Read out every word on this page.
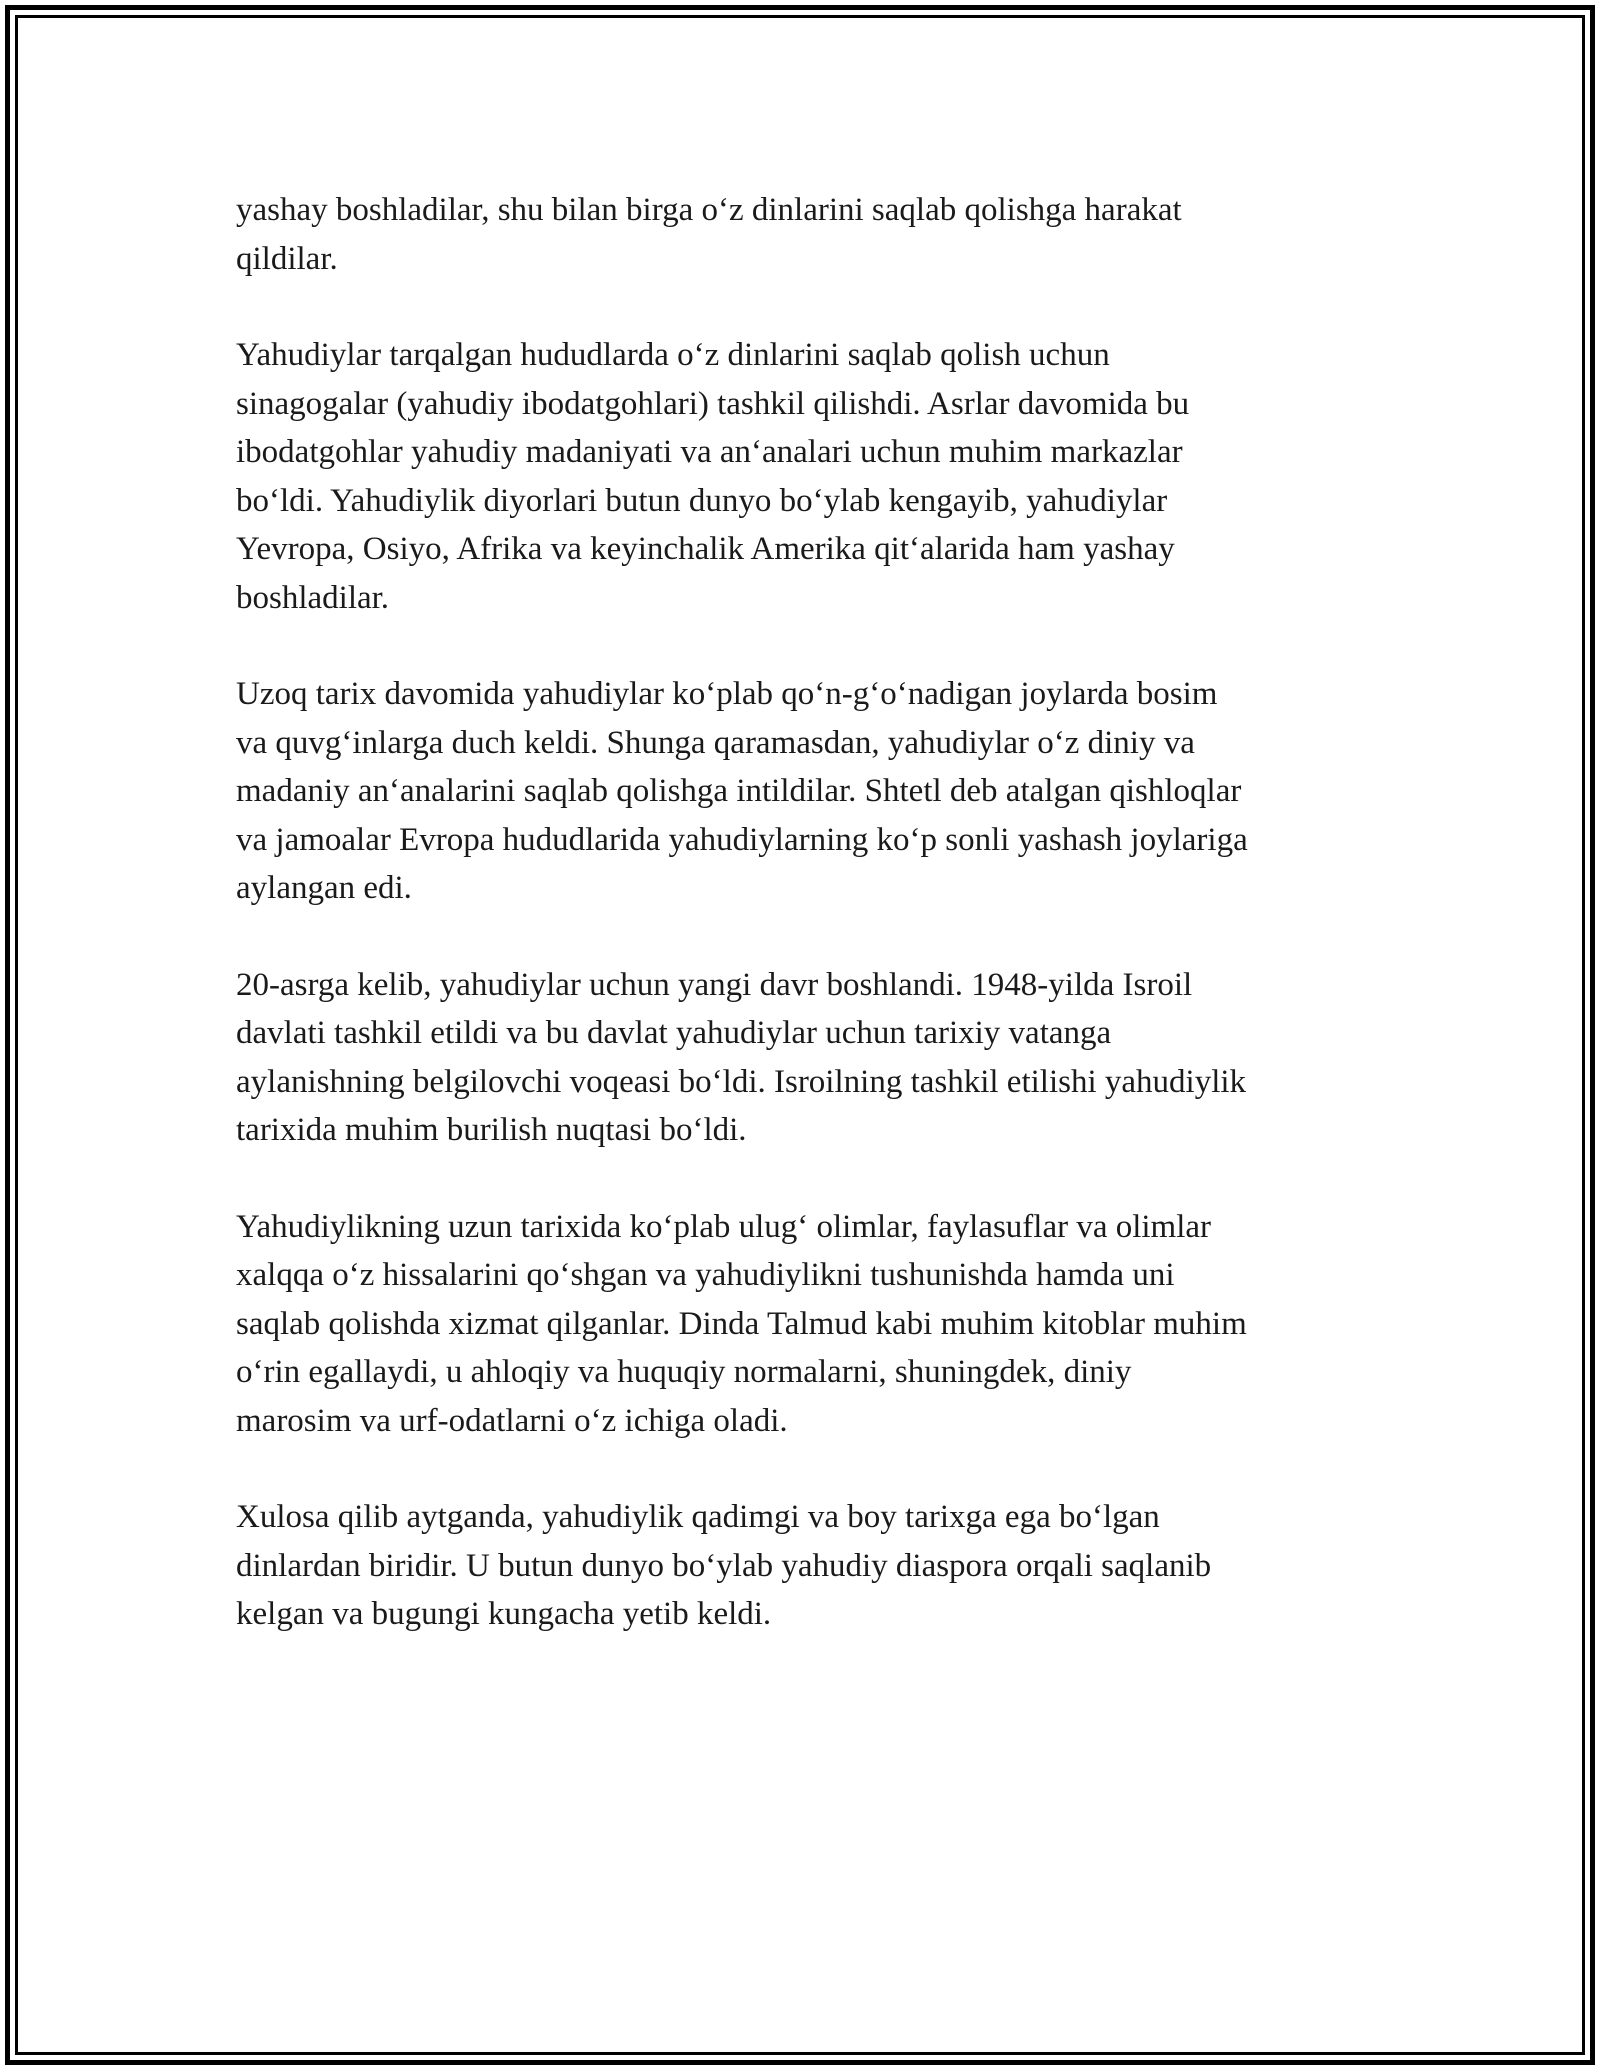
yashay boshladilar, shu bilan birga o‘z dinlarini saqlab qolishga harakat
qildilar.

Yahudiylar tarqalgan hududlarda o‘z dinlarini saqlab qolish uchun
sinagogalar (yahudiy ibodatgohlari) tashkil qilishdi. Asrlar davomida bu
ibodatgohlar yahudiy madaniyati va an‘analari uchun muhim markazlar
bo‘ldi. Yahudiylik diyorlari butun dunyo bo‘ylab kengayib, yahudiylar
Yevropa, Osiyo, Afrika va keyinchalik Amerika qit‘alarida ham yashay
boshladilar.

Uzoq tarix davomida yahudiylar ko‘plab qo‘n-g‘o‘nadigan joylarda bosim
va quvg‘inlarga duch keldi. Shunga qaramasdan, yahudiylar o‘z diniy va
madaniy an‘analarini saqlab qolishga intildilar. Shtetl deb atalgan qishloqlar
va jamoalar Evropa hududlarida yahudiylarning ko‘p sonli yashash joylariga
aylangan edi.

20-asrga kelib, yahudiylar uchun yangi davr boshlandi. 1948-yilda Isroil
davlati tashkil etildi va bu davlat yahudiylar uchun tarixiy vatanga
aylanishning belgilovchi voqeasi bo‘ldi. Isroilning tashkil etilishi yahudiylik
tarixida muhim burilish nuqtasi bo‘ldi.

Yahudiylikning uzun tarixida ko‘plab ulug‘ olimlar, faylasuflar va olimlar
xalqqa o‘z hissalarini qo‘shgan va yahudiylikni tushunishda hamda uni
saqlab qolishda xizmat qilganlar. Dinda Talmud kabi muhim kitoblar muhim
o‘rin egallaydi, u ahloqiy va huquqiy normalarni, shuningdek, diniy
marosim va urf-odatlarni o‘z ichiga oladi.

Xulosa qilib aytganda, yahudiylik qadimgi va boy tarixga ega bo‘lgan
dinlardan biridir. U butun dunyo bo‘ylab yahudiy diaspora orqali saqlanib
kelgan va bugungi kungacha yetib keldi.
